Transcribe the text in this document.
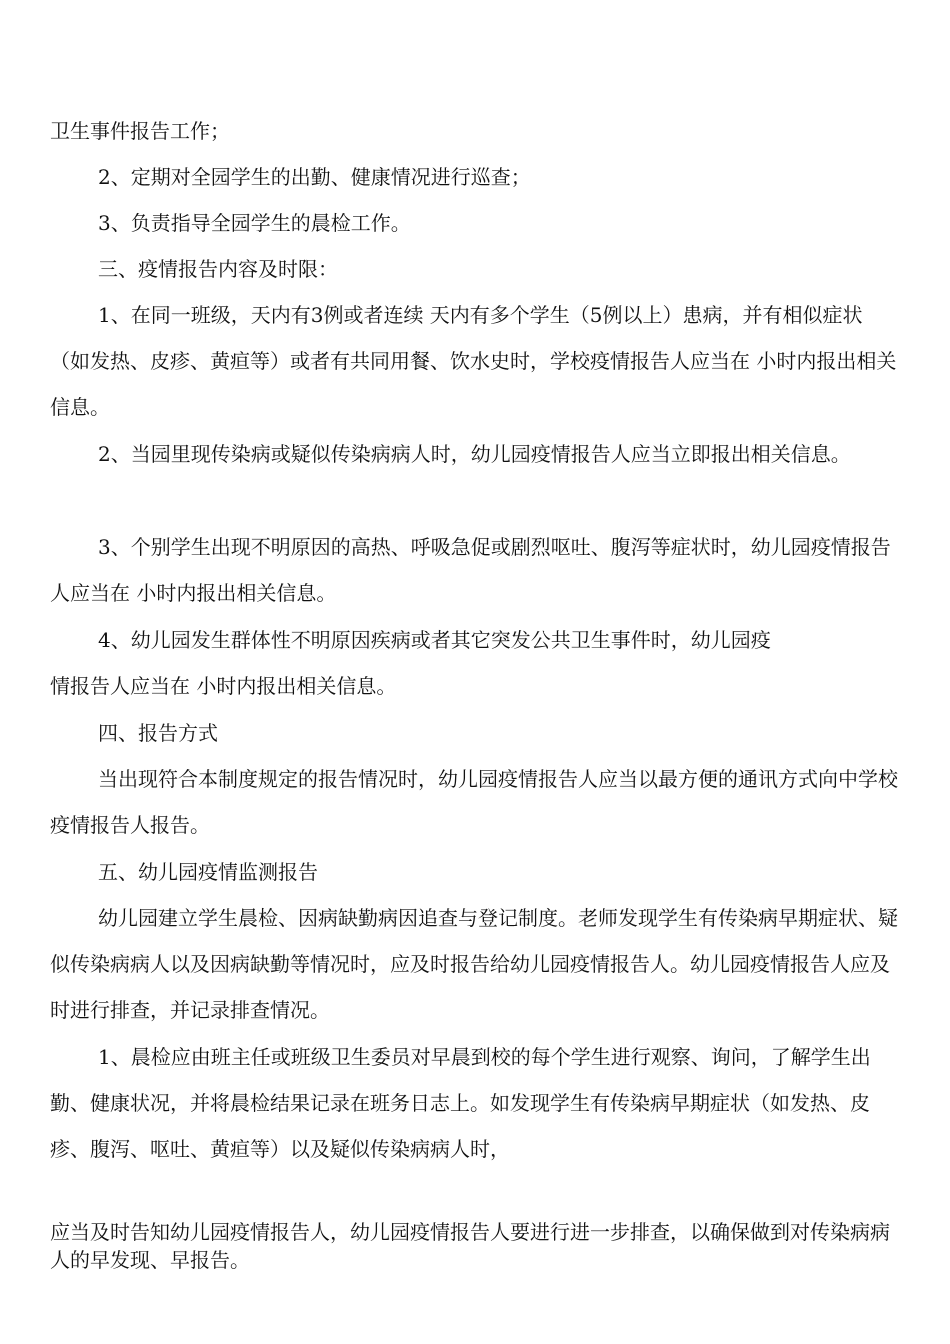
卫生事件报告工作；

2、定期对全园学生的出勤、健康情况进行巡查；

3、负责指导全园学生的晨检工作。

三、疫情报告内容及时限：

1、在同一班级，天内有3例或者连续 天内有多个学生（5例以上）患病，并有相似症状（如发热、皮疹、黄疸等）或者有共同用餐、饮水史时，学校疫情报告人应当在 小时内报出相关信息。

2、当园里现传染病或疑似传染病病人时，幼儿园疫情报告人应当立即报出相关信息。

3、个别学生出现不明原因的高热、呼吸急促或剧烈呕吐、腹泻等症状时，幼儿园疫情报告人应当在 小时内报出相关信息。

4、幼儿园发生群体性不明原因疾病或者其它突发公共卫生事件时，幼儿园疫
情报告人应当在 小时内报出相关信息。

四、报告方式

当出现符合本制度规定的报告情况时，幼儿园疫情报告人应当以最方便的通讯方式向中学校疫情报告人报告。

五、幼儿园疫情监测报告

幼儿园建立学生晨检、因病缺勤病因追查与登记制度。老师发现学生有传染病早期症状、疑似传染病病人以及因病缺勤等情况时，应及时报告给幼儿园疫情报告人。幼儿园疫情报告人应及时进行排查，并记录排查情况。

1、晨检应由班主任或班级卫生委员对早晨到校的每个学生进行观察、询问，了解学生出勤、健康状况，并将晨检结果记录在班务日志上。如发现学生有传染病早期症状（如发热、皮疹、腹泻、呕吐、黄疸等）以及疑似传染病病人时，

应当及时告知幼儿园疫情报告人，幼儿园疫情报告人要进行进一步排查，以确保做到对传染病病人的早发现、早报告。
